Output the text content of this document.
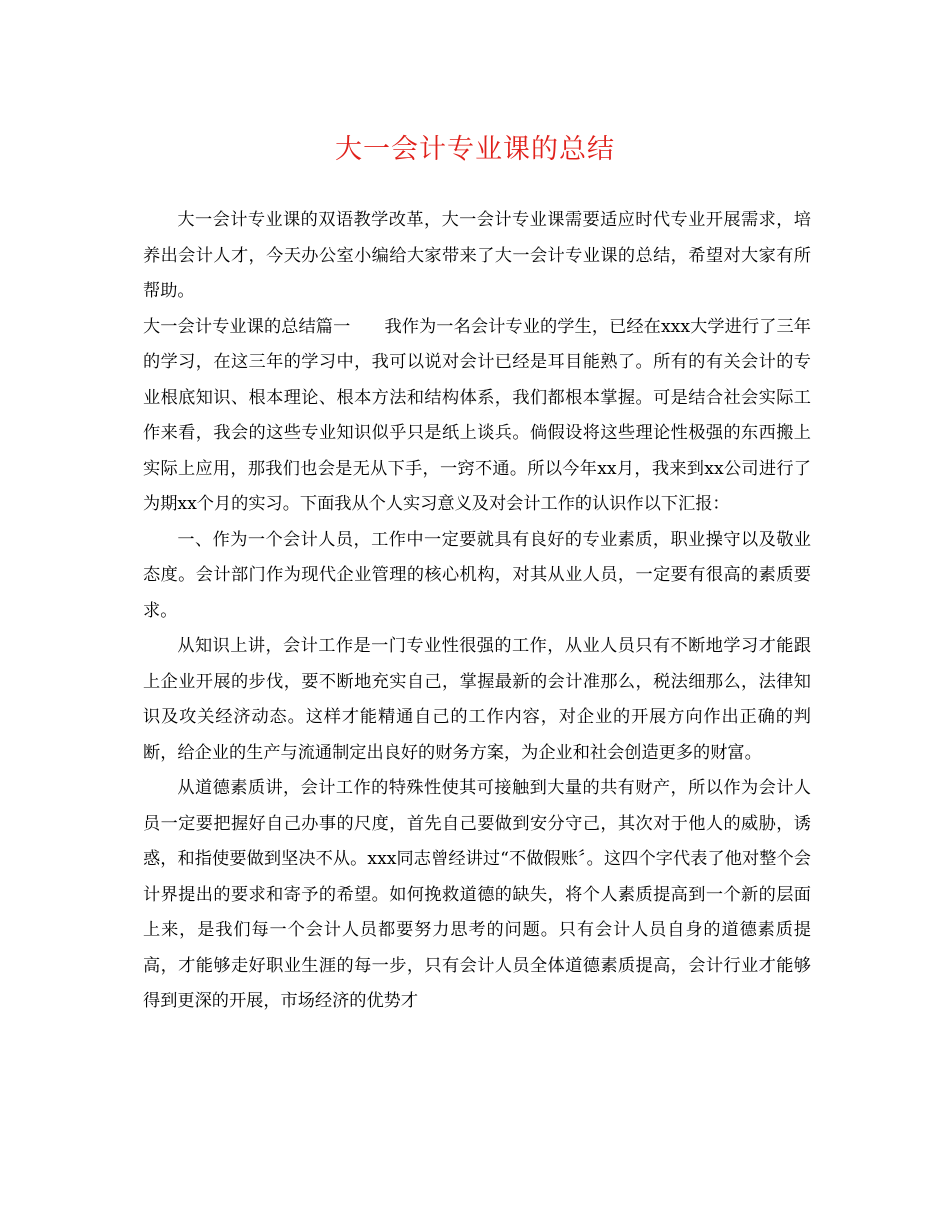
大一会计专业课的总结

大一会计专业课的双语教学改革，大一会计专业课需要适应时代专业开展需求，培养出会计人才，今天办公室小编给大家带来了大一会计专业课的总结，希望对大家有所帮助。

大一会计专业课的总结篇一 我作为一名会计专业的学生，已经在xxx大学进行了三年的学习，在这三年的学习中，我可以说对会计已经是耳目能熟了。所有的有关会计的专业根底知识、根本理论、根本方法和结构体系，我们都根本掌握。可是结合社会实际工作来看，我会的这些专业知识似乎只是纸上谈兵。倘假设将这些理论性极强的东西搬上实际上应用，那我们也会是无从下手，一窍不通。所以今年xx月，我来到xx公司进行了为期xx个月的实习。下面我从个人实习意义及对会计工作的认识作以下汇报：

一、作为一个会计人员，工作中一定要就具有良好的专业素质，职业操守以及敬业态度。会计部门作为现代企业管理的核心机构，对其从业人员，一定要有很高的素质要求。

从知识上讲，会计工作是一门专业性很强的工作，从业人员只有不断地学习才能跟上企业开展的步伐，要不断地充实自己，掌握最新的会计准那么，税法细那么，法律知识及攻关经济动态。这样才能精通自己的工作内容，对企业的开展方向作出正确的判断，给企业的生产与流通制定出良好的财务方案，为企业和社会创造更多的财富。

从道德素质讲，会计工作的特殊性使其可接触到大量的共有财产，所以作为会计人员一定要把握好自己办事的尺度，首先自己要做到安分守己，其次对于他人的威胁，诱惑，和指使要做到坚决不从。xxx同志曾经讲过“不做假账〞。这四个字代表了他对整个会计界提出的要求和寄予的希望。如何挽救道德的缺失，将个人素质提高到一个新的层面上来，是我们每一个会计人员都要努力思考的问题。只有会计人员自身的道德素质提高，才能够走好职业生涯的每一步，只有会计人员全体道德素质提高，会计行业才能够得到更深的开展，市场经济的优势才
